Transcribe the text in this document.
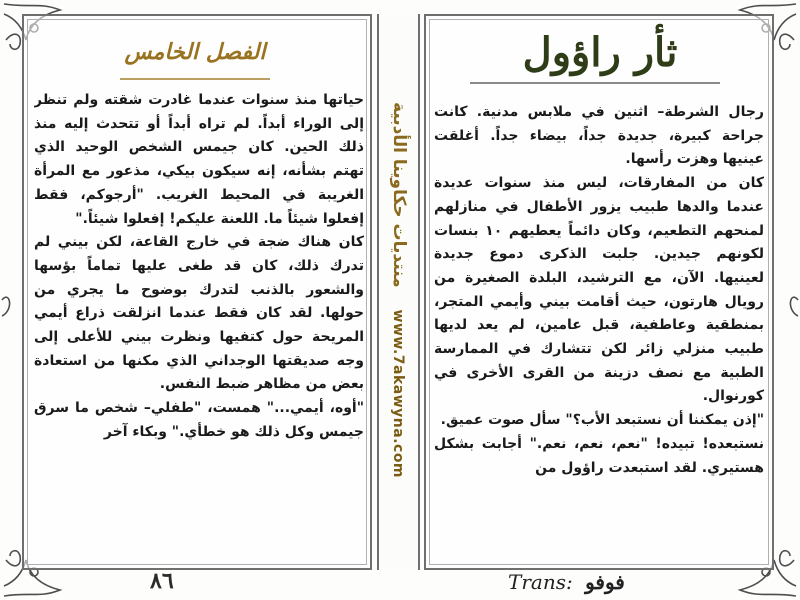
منتديات حكاوينا الأدبية www.7akawyna.com
ثأر راؤول
الفصل الخامس
رجال الشرطة– اثنين في ملابس مدنية. كانت جراحة كبيرة، جديدة جداً، بيضاء جداً. أغلقت عينيها وهزت رأسها.
كان من المفارقات، ليس منذ سنوات عديدة عندما والدها طبيب يزور الأطفال في منازلهم لمنحهم التطعيم، وكان دائماً يعطيهم ١٠ بنسات لكونهم جيدين. جلبت الذكرى دموع جديدة لعينيها. الآن، مع الترشيد، البلدة الصغيرة من رويال هارتون، حيث أقامت بيني وأيمي المتجر، بمنطقية وعاطفية، قبل عامين، لم يعد لديها طبيب منزلي زائر لكن تتشارك في الممارسة الطبية مع نصف دزينة من القرى الأخرى في كورنوال.
"إذن يمكننا أن نستبعد الأب؟" سأل صوت عميق.
نستبعده! تبيده! "نعم، نعم، نعم." أجابت بشكل هستيري. لقد استبعدت راؤول من
حياتها منذ سنوات عندما غادرت شقته ولم تنظر إلى الوراء أبداً. لم تراه أبداً أو تتحدث إليه منذ ذلك الحين. كان جيمس الشخص الوحيد الذي تهتم بشأنه، إنه سيكون بيكي، مذعور مع المرأة الغريبة في المحيط الغريب. "أرجوكم، فقط إفعلوا شيئاً ما. اللعنة عليكم! إفعلوا شيئاً."
كان هناك ضجة في خارج القاعة، لكن بيني لم تدرك ذلك، كان قد طغى عليها تماماً بؤسها والشعور بالذنب لتدرك بوضوح ما يجري من حولها. لقد كان فقط عندما انزلقت ذراع أيمي المريحة حول كتفيها ونظرت بيني للأعلى إلى وجه صديقتها الوجداني الذي مكنها من استعادة بعض من مظاهر ضبط النفس.
"أوه، أيمي..." همست، "طفلي– شخص ما سرق جيمس وكل ذلك هو خطأي." وبكاء آخر
٨٦	Trans: فوفو
